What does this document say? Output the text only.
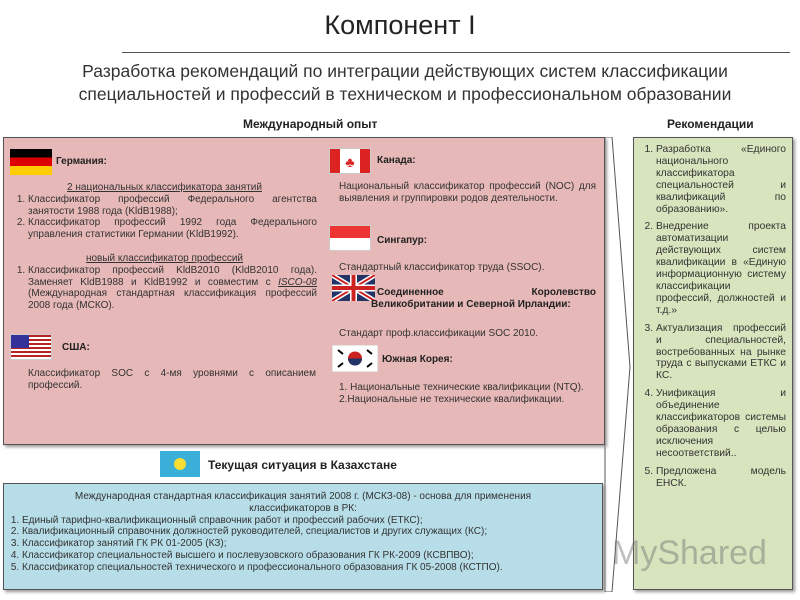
Компонент I
Разработка рекомендаций по интеграции действующих систем классификации специальностей и профессий в техническом и профессиональном образовании
Международный опыт	Рекомендации
Германия:
2 национальных классификатора занятий
1. Классификатор профессий Федерального агентства занятости 1988 года (KldB1988);
2. Классификатор профессий 1992 года Федерального управления статистики Германии (KldB1992).
новый классификатор профессий
1. Классификатор профессий KldB2010 (KldB2010 года). Заменяет KldB1988 и KldB1992 и совместим с ISCO-08 (Международная стандартная классификация профессий 2008 года (МСКО).
США:
Классификатор SOC с 4-мя уровнями с описанием профессий.
♣	Канада:
Национальный классификатор профессий (NOC) для выявления и группировки родов деятельности.
Сингапур:
Стандартный классификатор труда (SSOC).
Соединенное Королевство Великобритании и Северной Ирландии:
Стандарт проф.классификации SOC 2010.
Южная Корея:
1. Национальные технические квалификации (NTQ).
2.Национальные не технические квалификации.
Текущая ситуация в Казахстане
Международная стандартная классификация занятий 2008 г. (МСКЗ-08) - основа для применения классификаторов в РК:
1. Единый тарифно-квалификационный справочник работ и профессий рабочих (ЕТКС);
2. Квалификационный справочник должностей руководителей, специалистов и других служащих (КС);
3. Классификатор занятий ГК РК 01-2005 (КЗ);
4. Классификатор специальностей высшего и послевузовского образования ГК РК-2009 (КСВПВО);
5. Классификатор специальностей технического и профессионального образования ГК 05-2008 (КСТПО).
1. Разработка «Единого национального классификатора специальностей и квалификаций по образованию».
2. Внедрение проекта автоматизации действующих систем квалификации в «Единую информационную систему классификации профессий, должностей и т.д.»
3. Актуализация профессий и специальностей, востребованных на рынке труда с выпусками ЕТКС и КС.
4. Унификация и объединение классификаторов системы образования с целью исключения несоответствий..
5. Предложена модель ЕНСК.
MyShared
